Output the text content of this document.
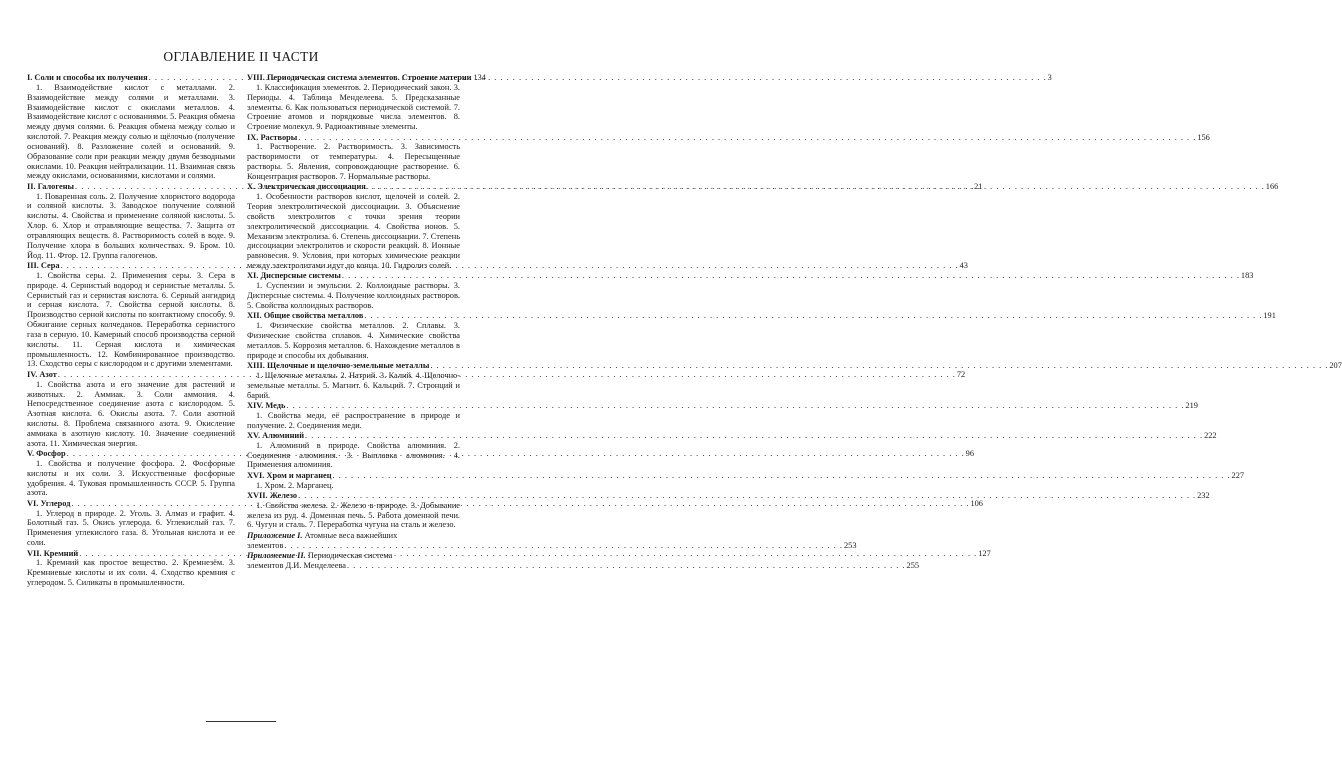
ОГЛАВЛЕНИЕ II ЧАСТИ
I. Соли и способы их получения . . .	3
1. Взаимодействие кислот с металлами. 2. Взаимодействие между солями и металлами. 3. Взаимодействие кислот с окислами металлов. 4. Взаимодействие кислот с основаниями. 5. Реакция обмена между двумя солями. 6. Реакция обмена между солью и кислотой. 7. Реакция между солью и щёлочью (получение оснований). 8. Разложение солей и оснований. 9. Образование соли при реакции между двумя безводными окислами. 10. Реакция нейтрализации. 11. Взаимная связь между окислами, основаниями, кислотами и солями.
II. Галогены . . .	21
1. Поваренная соль. 2. Получение хлористого водорода и соляной кислоты. 3. Заводское получение соляной кислоты. 4. Свойства и применение соляной кислоты. 5. Хлор. 6. Хлор и отравляющие вещества. 7. Защита от отравляющих веществ. 8. Растворимость солей в воде. 9. Получение хлора в больших количествах. 9. Бром. 10. Йод. 11. Фтор. 12. Группа галогенов.
III. Сера . . .	43
1. Свойства серы. 2. Применения серы. 3. Сера в природе. 4. Сернистый водород и сернистые металлы. 5. Сернистый газ и сернистая кислота. 6. Серный ангидрид и серная кислота. 7. Свойства серной кислоты. 8. Производство серной кислоты по контактному способу. 9. Обжигание серных колчеданов. Переработка сернистого газа в серную. 10. Камерный способ производства серной кислоты. 11. Серная кислота и химическая промышленность. 12. Комбинированное производство. 13. Сходство серы с кислородом и с другими элементами.
IV. Азот . . .	72
1. Свойства азота и его значение для растений и животных. 2. Аммиак. 3. Соли аммония. 4. Непосредственное соединение азота с кислородом. 5. Азотная кислота. 6. Окислы азота. 7. Соли азотной кислоты. 8. Проблема связанного азота. 9. Окисление аммиака в азотную кислоту. 10. Значение соединений азота. 11. Химическая энергия.
V. Фосфор . . .	96
1. Свойства и получение фосфора. 2. Фосфорные кислоты и их соли. 3. Искусственные фосфорные удобрения. 4. Туковая промышленность СССР. 5. Группа азота.
VI. Углерод . . .	106
1. Углерод в природе. 2. Уголь. 3. Алмаз и графит. 4. Болотный газ. 5. Окись углерода. 6. Углекислый газ. 7. Применения углекислого газа. 8. Угольная кислота и ее соли.
VII. Кремний . . .	127
1. Кремний как простое вещество. 2. Кремнезём. 3. Кремниевые кислоты и их соли. 4. Сходство кремния с углеродом. 5. Силикаты в промышленности.
VIII. Периодическая система элементов. Строение материи 134
1. Классификация элементов. 2. Периодический закон. 3. Периоды. 4. Таблица Менделеева. 5. Предсказанные элементы. 6. Как пользоваться периодической системой. 7. Строение атомов и порядковые числа элементов. 8. Строение молекул. 9. Радиоактивные элементы.
IX. Растворы . . .	156
1. Растворение. 2. Растворимость. 3. Зависимость растворимости от температуры. 4. Пересыщенные растворы. 5. Явления, сопровождающие растворение. 6. Концентрация растворов. 7. Нормальные растворы.
X. Электрическая диссоциация . . .	166
1. Особенности растворов кислот, щелочей и солей. 2. Теория электролитической диссоциации. 3. Объяснение свойств электролитов с точки зрения теории электролитической диссоциации. 4. Свойства ионов. 5. Механизм электролиза. 6. Степень диссоциации. 7. Степень диссоциации электролитов и скорости реакций. 8. Ионные равновесия. 9. Условия, при которых химические реакции между электролитами идут до конца. 10. Гидролиз солей.
XI. Дисперсные системы . . .	183
1. Суспензии и эмульсии. 2. Коллоидные растворы. 3. Дисперсные системы. 4. Получение коллоидных растворов. 5. Свойства коллоидных растворов.
XII. Общие свойства металлов . . .	191
1. Физические свойства металлов. 2. Сплавы. 3. Физические свойства сплавов. 4. Химические свойства металлов. 5. Коррозия металлов. 6. Нахождение металлов в природе и способы их добывания.
XIII. Щелочные и щелочно-земельные металлы . . .	207
1. Щелочные металлы. 2. Натрий. 3. Калий. 4. Щелочно-земельные металлы. 5. Магнит. 6. Кальций. 7. Стронций и барий.
XIV. Медь . . .	219
1. Свойства меди, её распространение в природе и получение. 2. Соединения меди.
XV. Алюминий . . .	222
1. Алюминий в природе. Свойства алюминия. 2. Соединения алюминия. 3. Выплавка алюминия. 4. Применения алюминия.
XVI. Хром и марганец . . .	227
1. Хром. 2. Марганец.
XVII. Железо . . .	232
1. Свойства железа. 2. Железо в природе. 3. Добывание железа из руд. 4. Доменная печь. 5. Работа доменной печи. 6. Чугун и сталь. 7. Переработка чугуна на сталь и железо.
Приложение I. Атомные веса важнейших
элементов . . .	253
Приложение II. Периодическая система
элементов Д.И. Менделеева . . .	255
